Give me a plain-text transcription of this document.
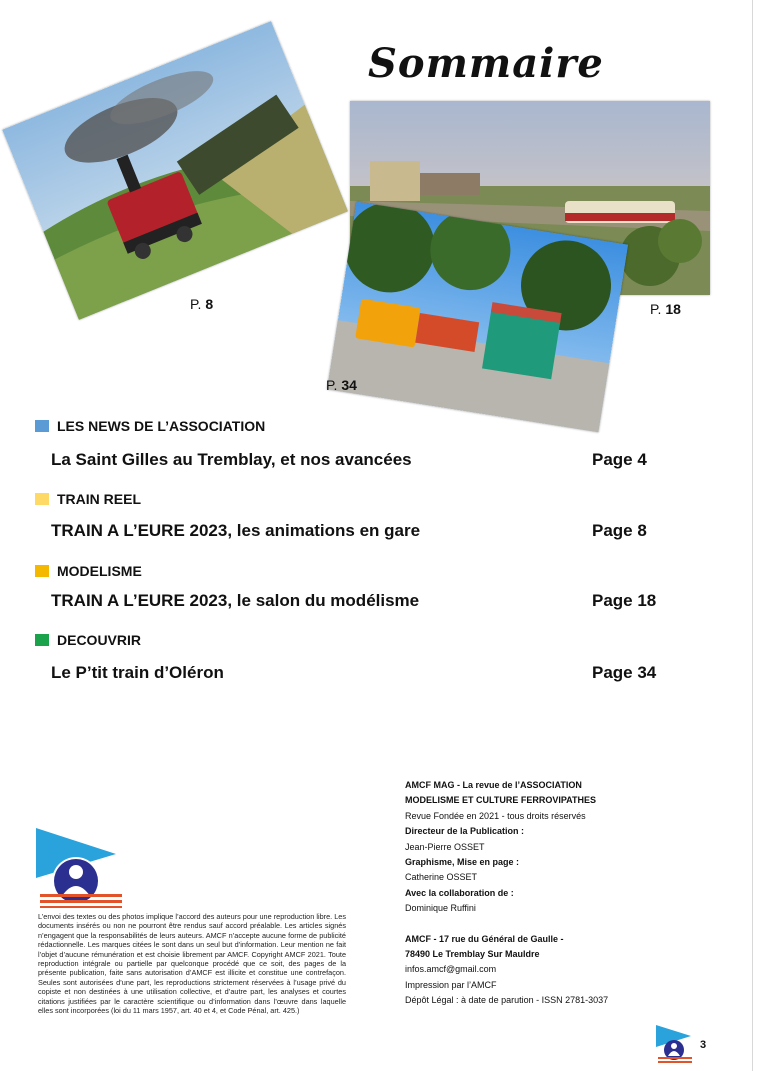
Sommaire
P. 8	P. 18
P. 34
LES NEWS DE L’ASSOCIATION
La Saint Gilles au Tremblay, et nos avancées	Page 4
TRAIN REEL
TRAIN A L’EURE 2023, les animations en gare	Page 8
MODELISME
TRAIN A L’EURE 2023, le salon du modélisme	Page 18
DECOUVRIR
Le P’tit train d’Oléron	Page 34
AMCF MAG - La revue de l’ASSOCIATION
MODELISME ET CULTURE FERROVIPATHES
Revue Fondée en 2021 - tous droits réservés
Directeur de la Publication :
Jean-Pierre OSSET
Graphisme, Mise en page :
Catherine OSSET
Avec la collaboration de :
Dominique Ruffini
AMCF - 17 rue du Général de Gaulle -
78490 Le Tremblay Sur Mauldre
infos.amcf@gmail.com
Impression par l’AMCF
Dépôt Légal : à date de parution - ISSN 2781-3037
L’envoi des textes ou des photos implique l’accord des auteurs pour une reproduction libre. Les documents insérés ou non ne pourront être rendus sauf accord préalable. Les articles signés n’engagent que la responsabilités de leurs auteurs. AMCF n’accepte aucune forme de publicité rédactionnelle. Les marques citées le sont dans un seul but d’information. Leur mention ne fait l’objet d’aucune rémunération et est choisie librement par AMCF. Copyright AMCF 2021. Toute reproduction intégrale ou partielle par quelconque procédé que ce soit, des pages de la présente publication, faite sans autorisation d’AMCF est illicite et constitue une contrefaçon. Seules sont autorisées d’une part, les reproductions strictement réservées à l’usage privé du copiste et non destinées à une utilisation collective, et d’autre part, les analyses et courtes citations justifiées par le caractère scientifique ou d’information dans l’œuvre dans laquelle elles sont incorporées (loi du 11 mars 1957, art. 40 et 4, et Code Pénal, art. 425.)
3
